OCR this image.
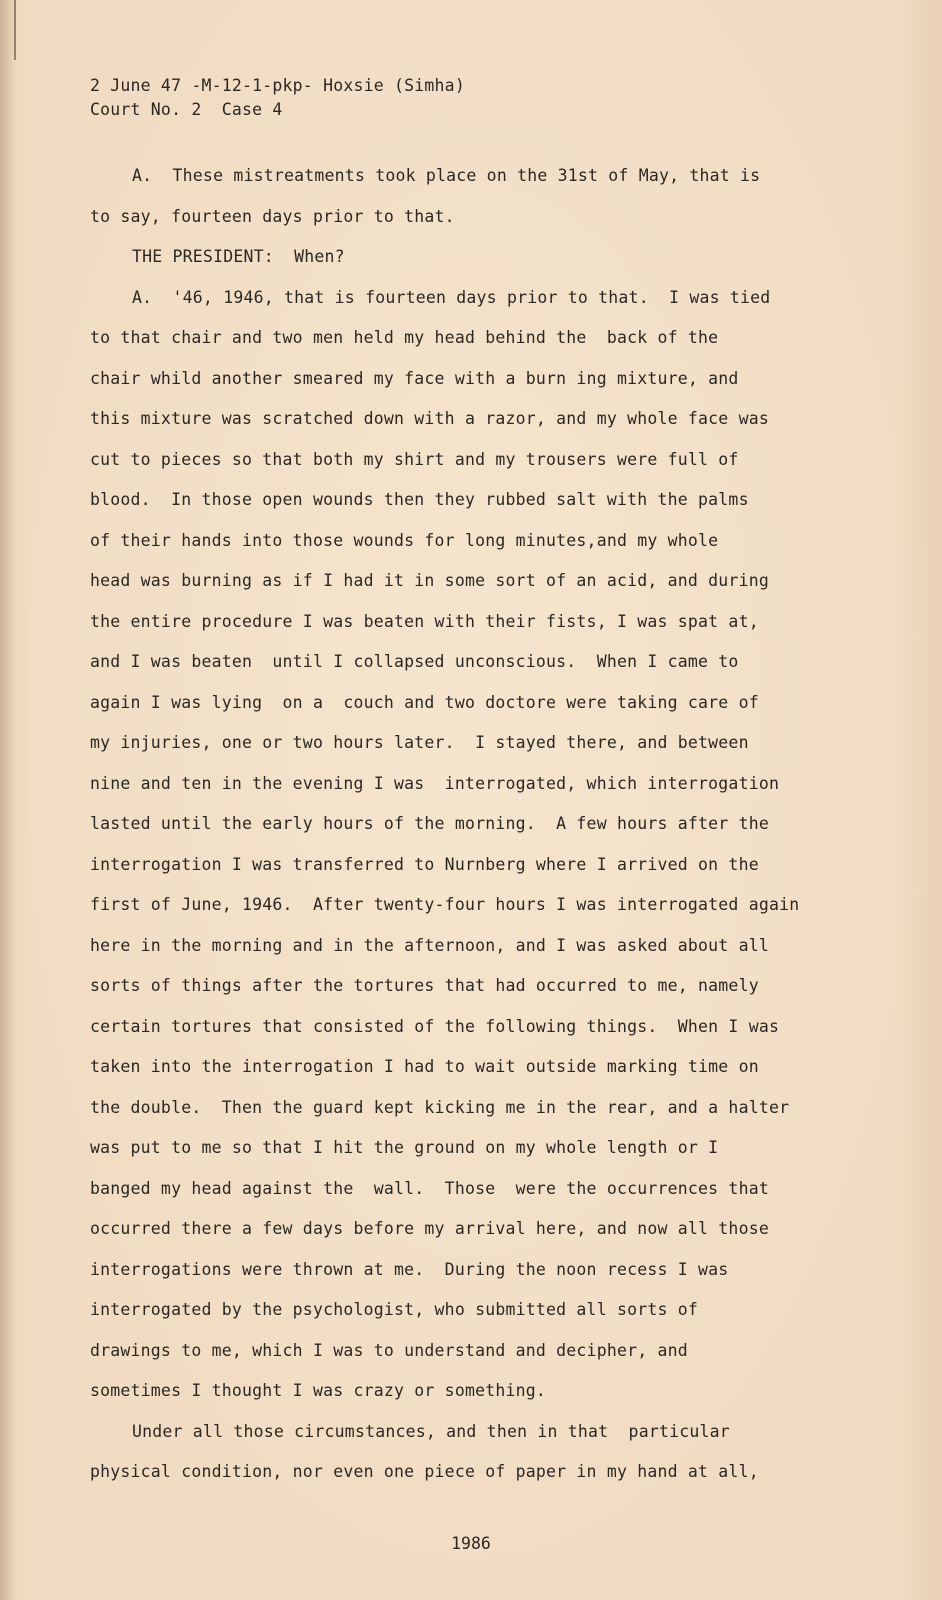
2 June 47 -M-12-1-pkp- Hoxsie (Simha)
Court No. 2  Case 4
A.  These mistreatments took place on the 31st of May, that is
to say, fourteen days prior to that.
THE PRESIDENT:  When?
A.  '46, 1946, that is fourteen days prior to that.  I was tied
to that chair and two men held my head behind the  back of the
chair whild another smeared my face with a burn ing mixture, and
this mixture was scratched down with a razor, and my whole face was
cut to pieces so that both my shirt and my trousers were full of
blood.  In those open wounds then they rubbed salt with the palms
of their hands into those wounds for long minutes,and my whole
head was burning as if I had it in some sort of an acid, and during
the entire procedure I was beaten with their fists, I was spat at,
and I was beaten  until I collapsed unconscious.  When I came to
again I was lying  on a  couch and two doctore were taking care of
my injuries, one or two hours later.  I stayed there, and between
nine and ten in the evening I was  interrogated, which interrogation
lasted until the early hours of the morning.  A few hours after the
interrogation I was transferred to Nurnberg where I arrived on the
first of June, 1946.  After twenty-four hours I was interrogated again
here in the morning and in the afternoon, and I was asked about all
sorts of things after the tortures that had occurred to me, namely
certain tortures that consisted of the following things.  When I was
taken into the interrogation I had to wait outside marking time on
the double.  Then the guard kept kicking me in the rear, and a halter
was put to me so that I hit the ground on my whole length or I
banged my head against the  wall.  Those  were the occurrences that
occurred there a few days before my arrival here, and now all those
interrogations were thrown at me.  During the noon recess I was
interrogated by the psychologist, who submitted all sorts of
drawings to me, which I was to understand and decipher, and
sometimes I thought I was crazy or something.
Under all those circumstances, and then in that  particular
physical condition, nor even one piece of paper in my hand at all,
1986
